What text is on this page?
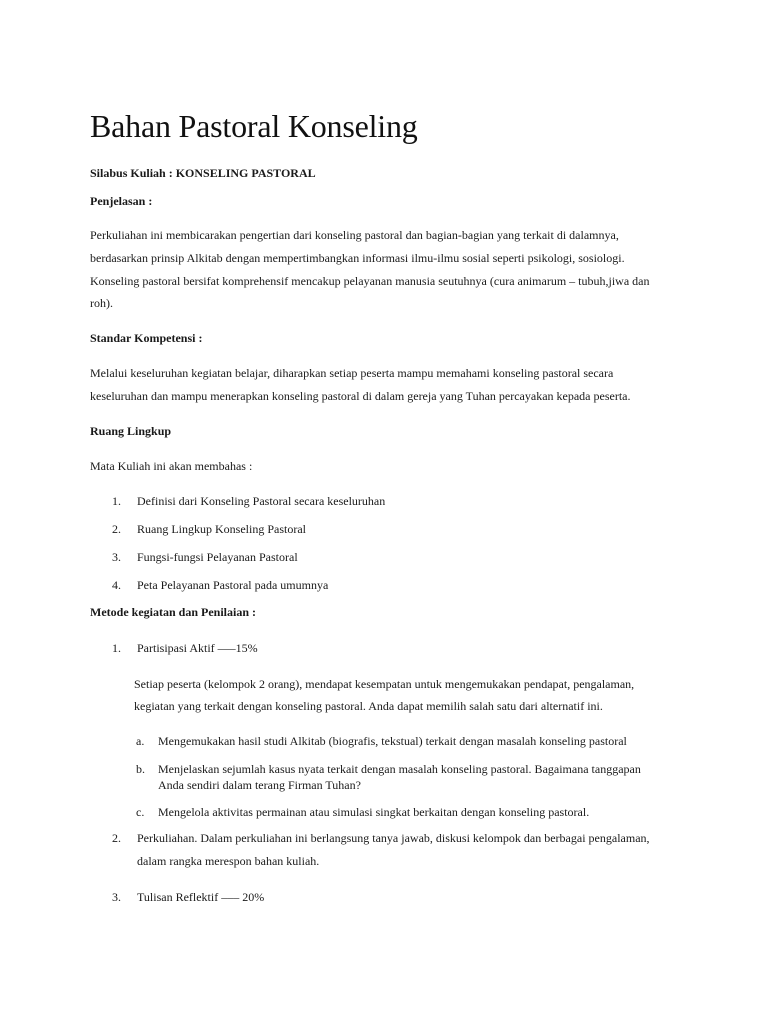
Bahan Pastoral Konseling
Silabus Kuliah : KONSELING PASTORAL
Penjelasan :
Perkuliahan ini membicarakan pengertian dari konseling pastoral dan bagian-bagian yang terkait di dalamnya,
berdasarkan prinsip Alkitab dengan mempertimbangkan informasi ilmu-ilmu sosial seperti psikologi, sosiologi.
Konseling pastoral bersifat komprehensif mencakup pelayanan manusia seutuhnya (cura animarum – tubuh,jiwa dan
roh).
Standar Kompetensi :
Melalui keseluruhan kegiatan belajar, diharapkan setiap peserta mampu memahami konseling pastoral secara
keseluruhan dan mampu menerapkan konseling pastoral di dalam gereja yang Tuhan percayakan kepada peserta.
Ruang Lingkup
Mata Kuliah ini akan membahas :
1. Definisi dari Konseling Pastoral secara keseluruhan
2. Ruang Lingkup Konseling Pastoral
3. Fungsi-fungsi Pelayanan Pastoral
4. Peta Pelayanan Pastoral pada umumnya
Metode kegiatan dan Penilaian :
1. Partisipasi Aktif –––15%
Setiap peserta (kelompok 2 orang), mendapat kesempatan untuk mengemukakan pendapat, pengalaman,
kegiatan yang terkait dengan konseling pastoral. Anda dapat memilih salah satu dari alternatif ini.
a. Mengemukakan hasil studi Alkitab (biografis, tekstual) terkait dengan masalah konseling pastoral
b. Menjelaskan sejumlah kasus nyata terkait dengan masalah konseling pastoral. Bagaimana tanggapan
Anda sendiri dalam terang Firman Tuhan?
c. Mengelola aktivitas permainan atau simulasi singkat berkaitan dengan konseling pastoral.
2. Perkuliahan. Dalam perkuliahan ini berlangsung tanya jawab, diskusi kelompok dan berbagai pengalaman,
dalam rangka merespon bahan kuliah.
3. Tulisan Reflektif ––– 20%
